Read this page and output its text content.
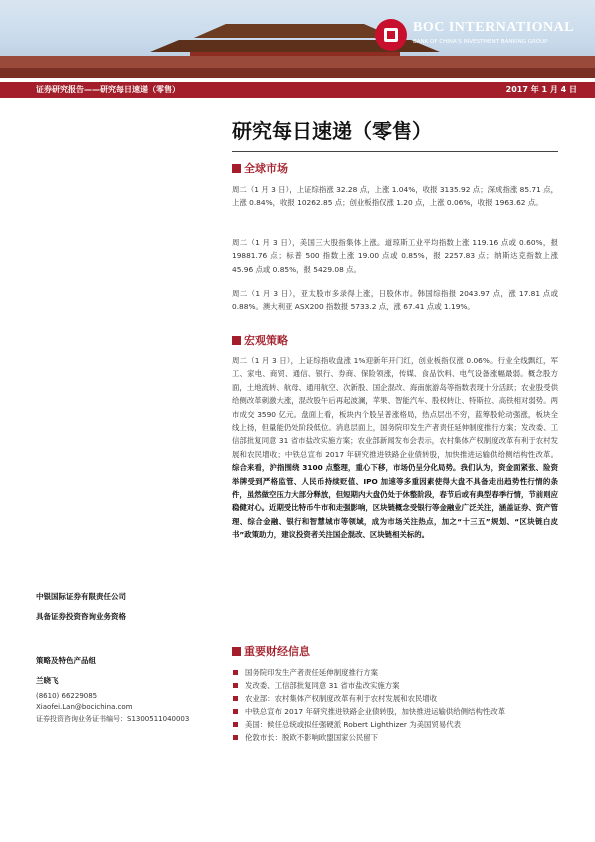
BOC INTERNATIONAL
BANK OF CHINA'S INVESTMENT BANKING GROUP
证券研究报告——研究每日速递（零售）	2017 年 1 月 4 日
研究每日速递（零售）
全球市场
周二（1 月 3 日），上证综指涨 32.28 点，上涨 1.04%，收报 3135.92 点；深成指涨 85.71 点，上涨 0.84%，收报 10262.85 点；创业板指仅涨 1.20 点，上涨 0.06%，收报 1963.62 点。
周二（1 月 3 日），美国三大股指集体上涨。道琼斯工业平均指数上涨 119.16 点或 0.60%，报 19881.76 点；标普 500 指数上涨 19.00 点或 0.85%，报 2257.83 点；纳斯达克指数上涨 45.96 点或 0.85%，报 5429.08 点。
周二（1 月 3 日），亚太股市多录得上涨，日股休市。韩国综指报 2043.97 点，涨 17.81 点或 0.88%。澳大利亚 ASX200 指数报 5733.2 点，涨 67.41 点或 1.19%。
宏观策略
周二（1 月 3 日），上证综指收盘涨 1%迎新年开门红，创业板指仅涨 0.06%。行业全线飘红，军工、家电、商贸、通信、银行、券商、保险领涨，传媒、食品饮料、电气设备涨幅最弱。概念股方面，土地流转、航母、通用航空、次新股、国企混改、海南旅游岛等指数表现十分活跃；农业股受供给侧改革刺激大涨，混改股午后再起波澜，苹果、智能汽车、股权转让、特斯拉、高铁相对弱势。两市成交 3590 亿元。盘面上看，板块内个股呈普涨格局，热点层出不穷，蓝筹股轮动强涨，板块全线上扬，但量能仍处阶段低位。消息层面上，国务院印发生产者责任延伸制度推行方案；发改委、工信部批复同意 31 省市盐改实施方案；农业部新闻发布会表示，农村集体产权制度改革有利于农村发展和农民增收；中铁总宣布 2017 年研究推进铁路企业债转股，加快推进运输供给侧结构性改革。综合来看，沪指围绕 3100 点整理，重心下移，市场仍呈分化局势。我们认为，资金面紧张、险资举牌受到严格监管、人民币持续贬值、IPO 加速等多重因素使得大盘不具备走出趋势性行情的条件，虽然做空压力大部分释放，但短期内大盘仍处于休整阶段，春节后或有典型春季行情，节前则应稳健对心。近期受比特币牛市和走强影响，区块链概念受银行等金融业广泛关注，涵盖证券、资产管理、综合金融、银行和智慧城市等领域，成为市场关注热点，加之“十三五”规划、“区块链白皮书”政策助力，建议投资者关注国企混改、区块链相关标的。
重要财经信息
国务院印发生产者责任延伸制度推行方案
发改委、工信部批复同意 31 省市盐改实施方案
农业部：农村集体产权制度改革有利于农村发展和农民增收
中铁总宣布 2017 年研究推进铁路企业债转股，加快推进运输供给侧结构性改革
美国：候任总统或拟任强硬派 Robert Lighthizer 为美国贸易代表
伦敦市长：脱欧不影响欧盟国家公民留下
中银国际证券有限责任公司
具备证券投资咨询业务资格
策略及特色产品组
兰晓飞
(8610) 66229085
Xiaofei.Lan@bocichina.com
证券投资咨询业务证书编号：S1300511040003
